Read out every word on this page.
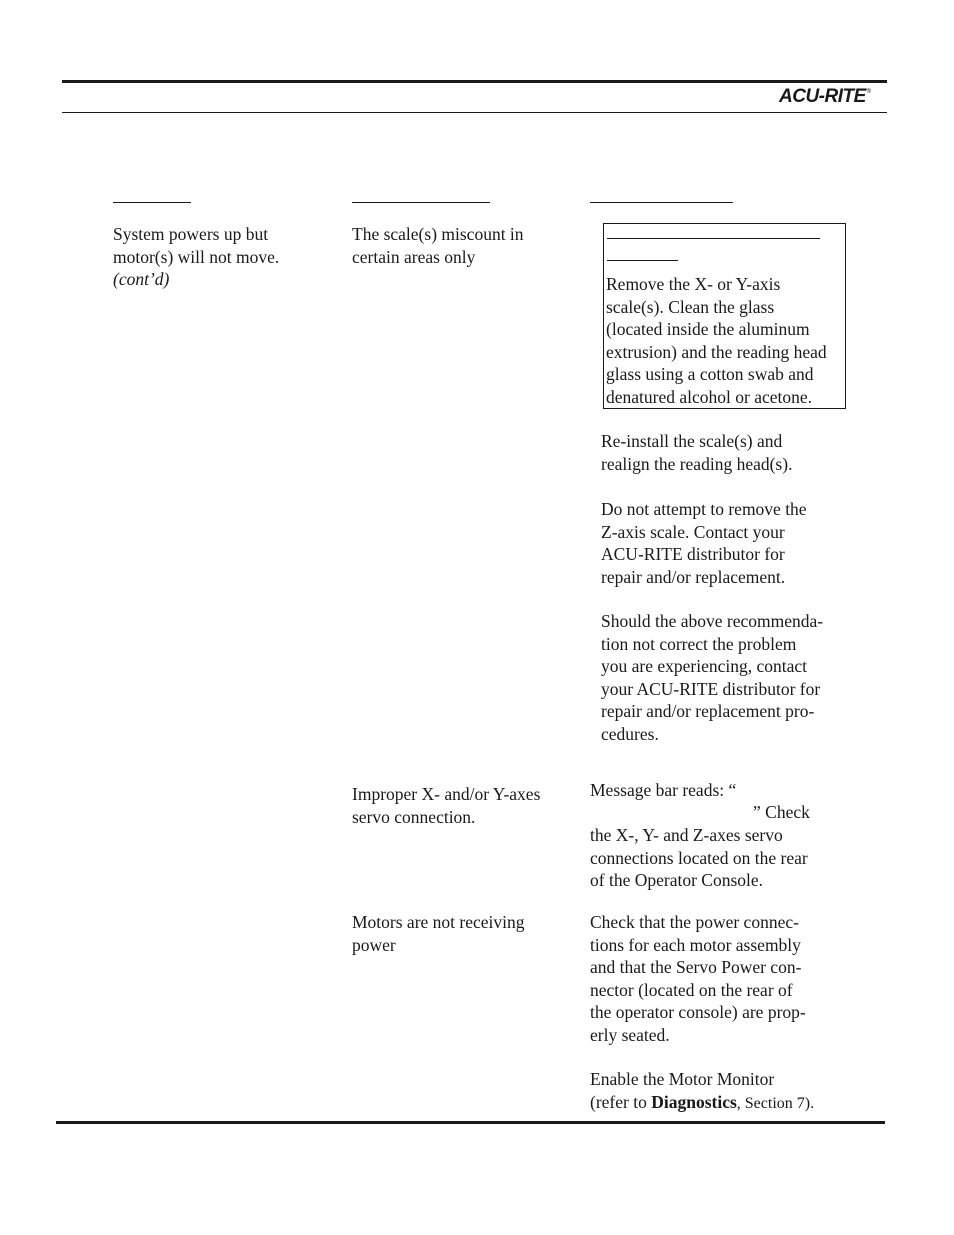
ACU-RITE®
System powers up but
motor(s) will not move.
(cont’d)
The scale(s) miscount in
certain areas only
Improper X- and/or Y-axes
servo connection.
Motors are not receiving
power
Remove the X- or Y-axis
scale(s). Clean the glass
(located inside the aluminum
extrusion) and the reading head
glass using a cotton swab and
denatured alcohol or acetone.
Re-install the scale(s) and
realign the reading head(s).
Do not attempt to remove the
Z-axis scale. Contact your
ACU-RITE distributor for
repair and/or replacement.
Should the above recommenda-
tion not correct the problem
you are experiencing, contact
your ACU-RITE distributor for
repair and/or replacement pro-
cedures.
Message bar reads: “
” Check
the X-, Y- and Z-axes servo
connections located on the rear
of the Operator Console.
Check that the power connec-
tions for each motor assembly
and that the Servo Power con-
nector (located on the rear of
the operator console) are prop-
erly seated.
Enable the Motor Monitor
(refer to Diagnostics, Section 7).
